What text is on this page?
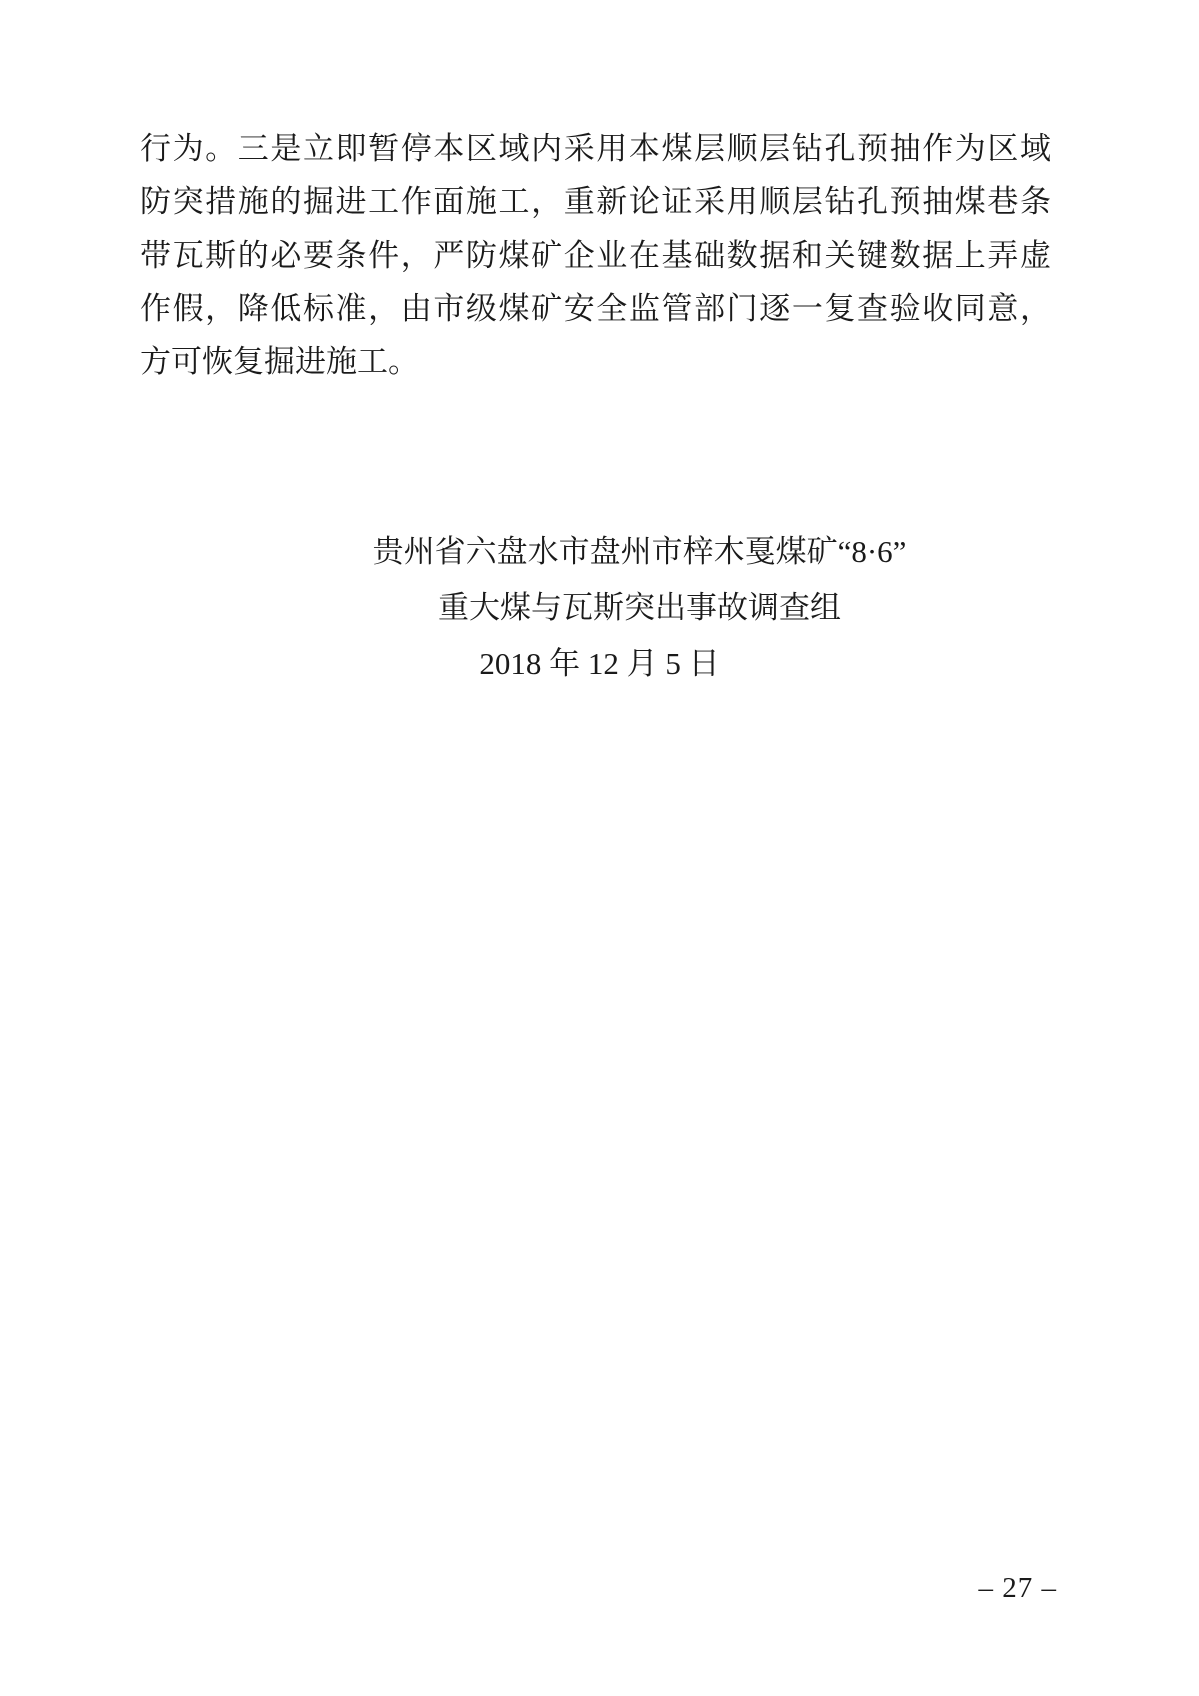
行为。三是立即暂停本区域内采用本煤层顺层钻孔预抽作为区域
防突措施的掘进工作面施工，重新论证采用顺层钻孔预抽煤巷条
带瓦斯的必要条件，严防煤矿企业在基础数据和关键数据上弄虚
作假，降低标准，由市级煤矿安全监管部门逐一复查验收同意，
方可恢复掘进施工。
贵州省六盘水市盘州市梓木戛煤矿“8·6”
重大煤与瓦斯突出事故调查组
2018 年 12 月 5 日
– 27 –
